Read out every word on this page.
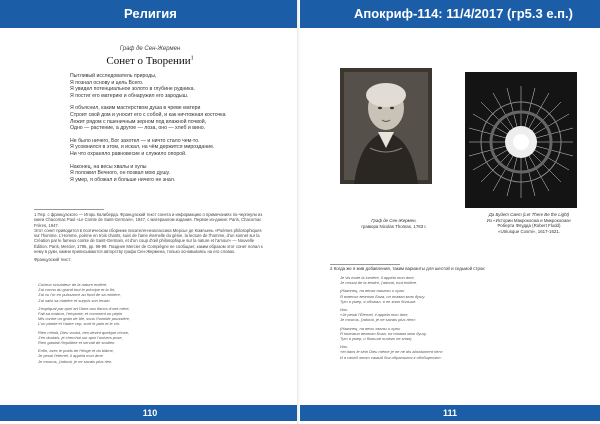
Религия
Граф де Сен-Жермен
Сонет о Творении$^1$
Пытливый исследователь природы,
Я познал основу и цель Всего.
Я увидел потенциальное золото в глубине рудника.
Я постиг его материю и обнаружил его зародыш.
Я объяснил, каким мастерством душа в чреве матери
Строит свой дом и уносит его с собой, и как ничтожная косточка
Лежит рядом с пшеничным зерном под влажной почвой,
Одно — растение, а другое — лоза, оно — хлеб и вино.
Не было ничего, Бог захотел — и ничто стало чем-то.
Я усомнился в этом, и искал, на чём держится мироздание.
Ни что охраняло равновесие и служило опорой.
Наконец, на весы хвалы и хулы
Я положил Вечного, он позвал мою душу.
Я умер, я обожал и больше ничего не знал.
1 Пер. с французского — Игорь Калиберда. Французский текст сонета и информацию о примечаниях по-черпнули из книги Chacornac Paul «Le Comte de Saint-Germain», 1947, с материалом издания. Первое из-дание: Paris, Chacornac Frères, 1947.
Этот сонет приводится в поэтическом сборнике писателя-неоклассика Мерсье де Компьень «Poèmes philosophiques sur l'homme. L'Homme, poème en trois chants, suivi de l'ame éternelle du génie, la lecture de l'homme, d'un sonnet sur la Création par le fameux comte de Saint-Germain, et d'un coup d'œil philosophique sur la nature et l'amour» — Nouvelle Édition. Paris, Mercier, 1795, pp. 98-99. Позднее Mercier de Compiègne не сообщает, каким образом этот сонет попал к нему в руки, камни приписываются авторству графа Сен-Жермена, только основываясь на его словах.
Французский текст:
Curieux scrutateur de la nature entière,
J'ai connu du grand tout le principe et la fin;
J'ai vu l'or en puissance au fond de sa minière,
J'ai saisi sa matière et surpris son levain.
J'expliquai par quel art l'âme aux flancs d'une mère,
Fait sa maison, l'emporte; et comment un pépin
Mis contre un grain de blé, sous l'humide poussière,
L'un plante et l'autre cep, sont le pain et le vin.
Rien n'était, Dieu voulut, rien devint quelque chose,
J'en doutais, je cherchai sur quoi l'univers pose,
Rien gardait l'équilibre et servait de soutien.
Enfin, avec le poids de l'éloge et du blâme,
Je pesai l'éternel, il appela mon âme
Je mourus, j'adorai, je ne savais plus rien.
110
Апокриф-114: 11/4/2017 (гр5.3 е.п.)
Граф де Сен-Жермен,
гравюра Nicolas Thomas, 1783 г.
Да Будет Свет (Let There Be the Light)
Из «Истории Макрокосма и Микрокосма»
Роберта Флудда (Robert Fludd)
«Utriusque Cosmi», 1617-1621.
2 Когда же я жив добавления, таким варианты для шестой и седьмой строк:
Je vis toute la lumière, il appela mon âme,
Je cessai de la tendre, j'adorai, tout entière.
(Наконец, на весах нашего и хулы
Я взвесил вечного Бога, он позвал мою душу.
Тут я умер, я обожал, я не знал больше.
Или
«Je pesai l'Éternel, il appela mon âme,
Je mourus, j'adorai, je ne savais plus rien».
(Наконец, на весы хвалы и хулы
Я положил вечного Бога, он позвал мою душу,
Тут я умер, и больше ничего не знал).
Или
«et dans le sein Dieu même je ne ne dis absolument rien»
И в своей этот самый бог обратился к обобщению».
111
